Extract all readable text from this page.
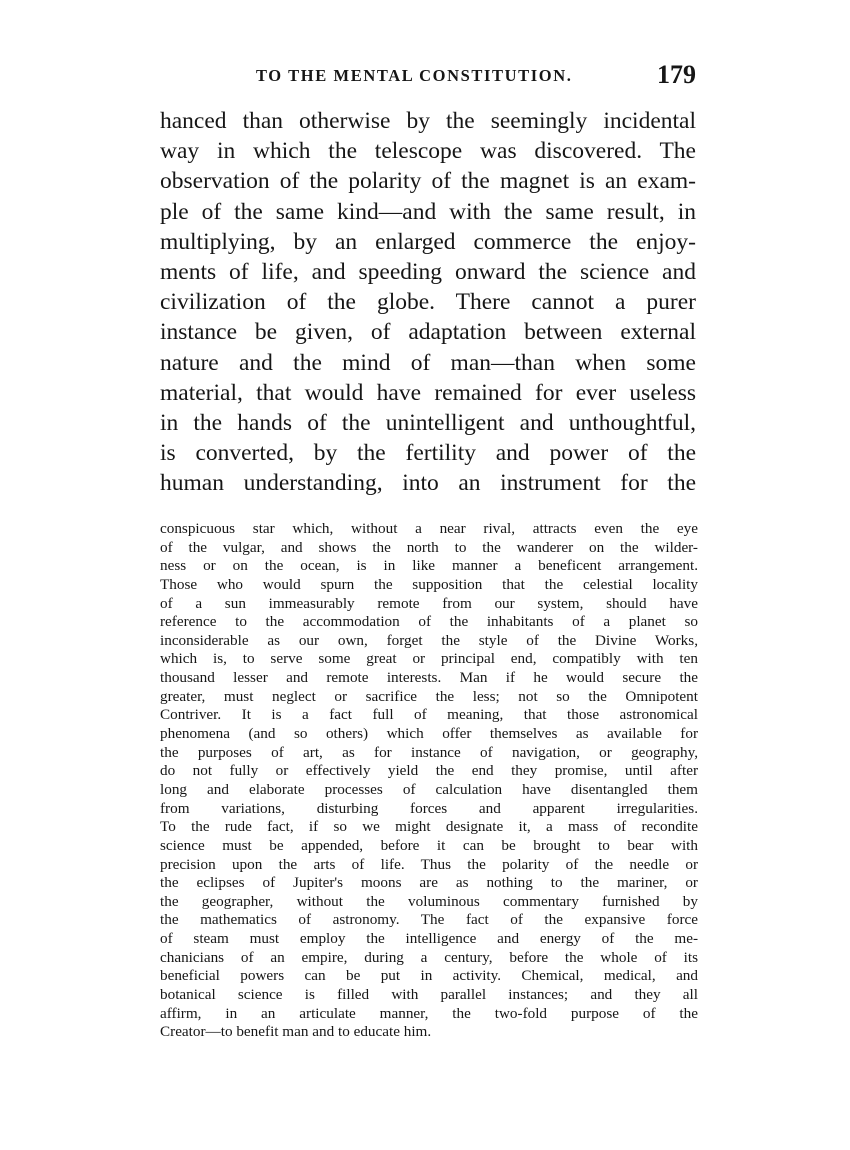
TO THE MENTAL CONSTITUTION.	179
hanced than otherwise by the seemingly incidental
way in which the telescope was discovered. The
observation of the polarity of the magnet is an exam-
ple of the same kind—and with the same result, in
multiplying, by an enlarged commerce the enjoy-
ments of life, and speeding onward the science and
civilization of the globe. There cannot a purer
instance be given, of adaptation between external
nature and the mind of man—than when some
material, that would have remained for ever useless
in the hands of the unintelligent and unthoughtful,
is converted, by the fertility and power of the
human understanding, into an instrument for the
conspicuous star which, without a near rival, attracts even the eye
of the vulgar, and shows the north to the wanderer on the wilder-
ness or on the ocean, is in like manner a beneficent arrangement.
Those who would spurn the supposition that the celestial locality
of a sun immeasurably remote from our system, should have
reference to the accommodation of the inhabitants of a planet so
inconsiderable as our own, forget the style of the Divine Works,
which is, to serve some great or principal end, compatibly with ten
thousand lesser and remote interests. Man if he would secure the
greater, must neglect or sacrifice the less; not so the Omnipotent
Contriver. It is a fact full of meaning, that those astronomical
phenomena (and so others) which offer themselves as available for
the purposes of art, as for instance of navigation, or geography,
do not fully or effectively yield the end they promise, until after
long and elaborate processes of calculation have disentangled them
from variations, disturbing forces and apparent irregularities.
To the rude fact, if so we might designate it, a mass of recondite
science must be appended, before it can be brought to bear with
precision upon the arts of life. Thus the polarity of the needle or
the eclipses of Jupiter's moons are as nothing to the mariner, or
the geographer, without the voluminous commentary furnished by
the mathematics of astronomy. The fact of the expansive force
of steam must employ the intelligence and energy of the me-
chanicians of an empire, during a century, before the whole of its
beneficial powers can be put in activity. Chemical, medical, and
botanical science is filled with parallel instances; and they all
affirm, in an articulate manner, the two-fold purpose of the
Creator—to benefit man and to educate him.
